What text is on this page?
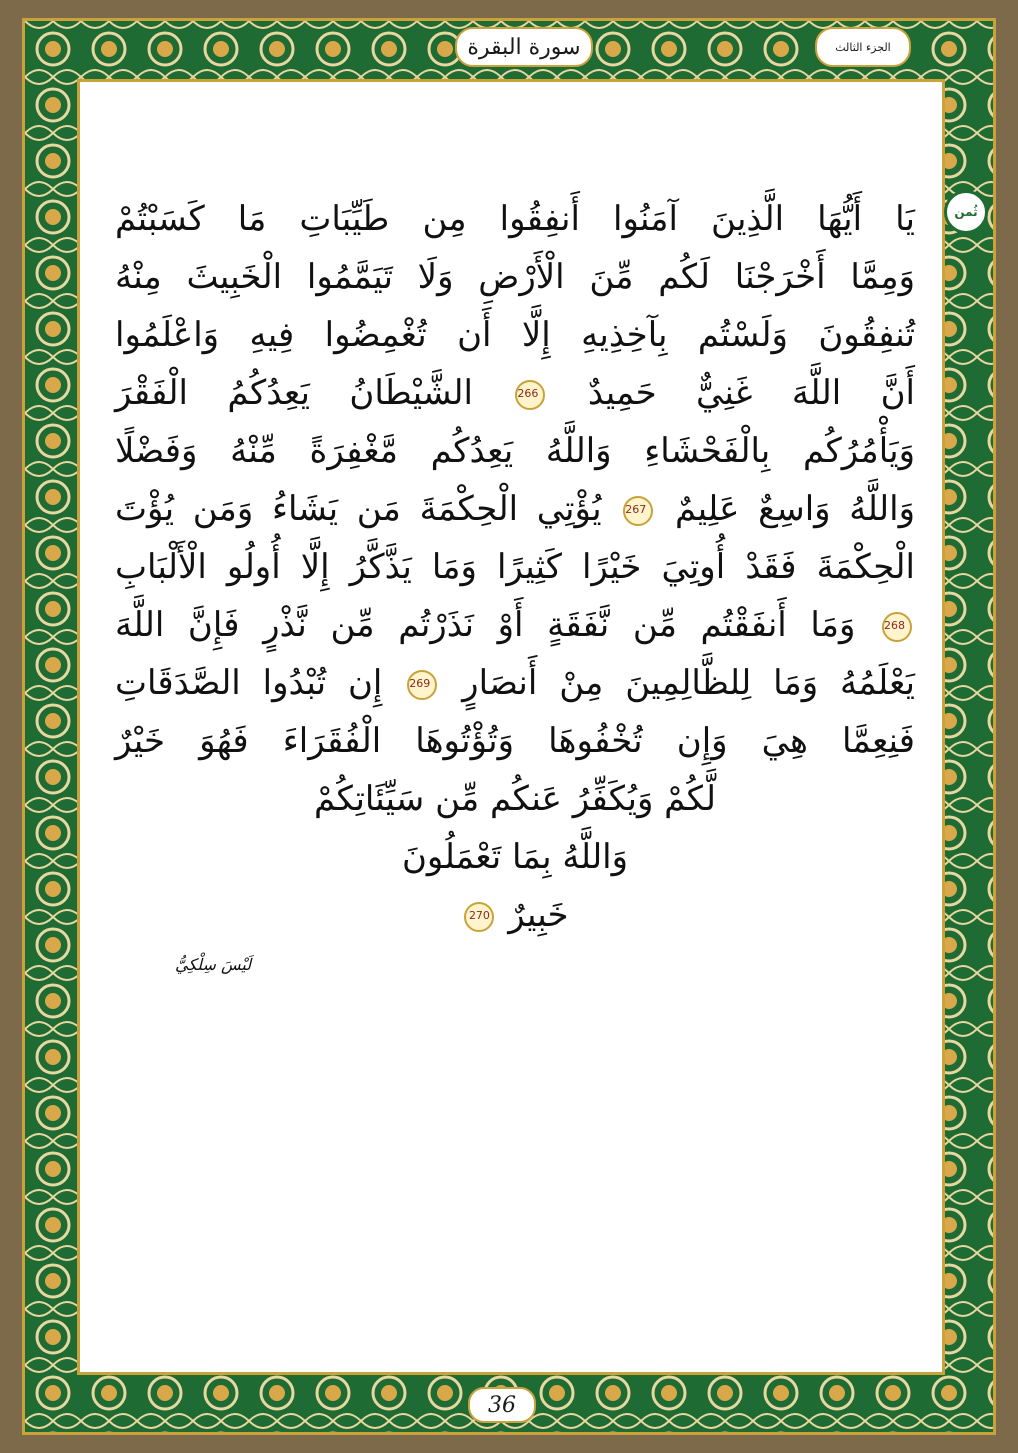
الجزء الثالث
سورة البقرة
ثُمن
يَا أَيُّهَا الَّذِينَ آمَنُوا أَنفِقُوا مِن طَيِّبَاتِ مَا كَسَبْتُمْ
وَمِمَّا أَخْرَجْنَا لَكُم مِّنَ الْأَرْضِ وَلَا تَيَمَّمُوا الْخَبِيثَ مِنْهُ
تُنفِقُونَ وَلَسْتُم بِآخِذِيهِ إِلَّا أَن تُغْمِضُوا فِيهِ وَاعْلَمُوا
أَنَّ اللَّهَ غَنِيٌّ حَمِيدٌ 266 الشَّيْطَانُ يَعِدُكُمُ الْفَقْرَ
وَيَأْمُرُكُم بِالْفَحْشَاءِ وَاللَّهُ يَعِدُكُم مَّغْفِرَةً مِّنْهُ وَفَضْلًا
وَاللَّهُ وَاسِعٌ عَلِيمٌ 267 يُؤْتِي الْحِكْمَةَ مَن يَشَاءُ وَمَن يُؤْتَ
الْحِكْمَةَ فَقَدْ أُوتِيَ خَيْرًا كَثِيرًا وَمَا يَذَّكَّرُ إِلَّا أُولُو الْأَلْبَابِ
268 وَمَا أَنفَقْتُم مِّن نَّفَقَةٍ أَوْ نَذَرْتُم مِّن نَّذْرٍ فَإِنَّ اللَّهَ
يَعْلَمُهُ وَمَا لِلظَّالِمِينَ مِنْ أَنصَارٍ 269 إِن تُبْدُوا الصَّدَقَاتِ
فَنِعِمَّا هِيَ وَإِن تُخْفُوهَا وَتُؤْتُوهَا الْفُقَرَاءَ فَهُوَ خَيْرٌ
لَّكُمْ وَيُكَفِّرُ عَنكُم مِّن سَيِّئَاتِكُمْ
وَاللَّهُ بِمَا تَعْمَلُونَ
خَبِيرٌ 270
لَيْسَ سِلْكِيُّ
36
